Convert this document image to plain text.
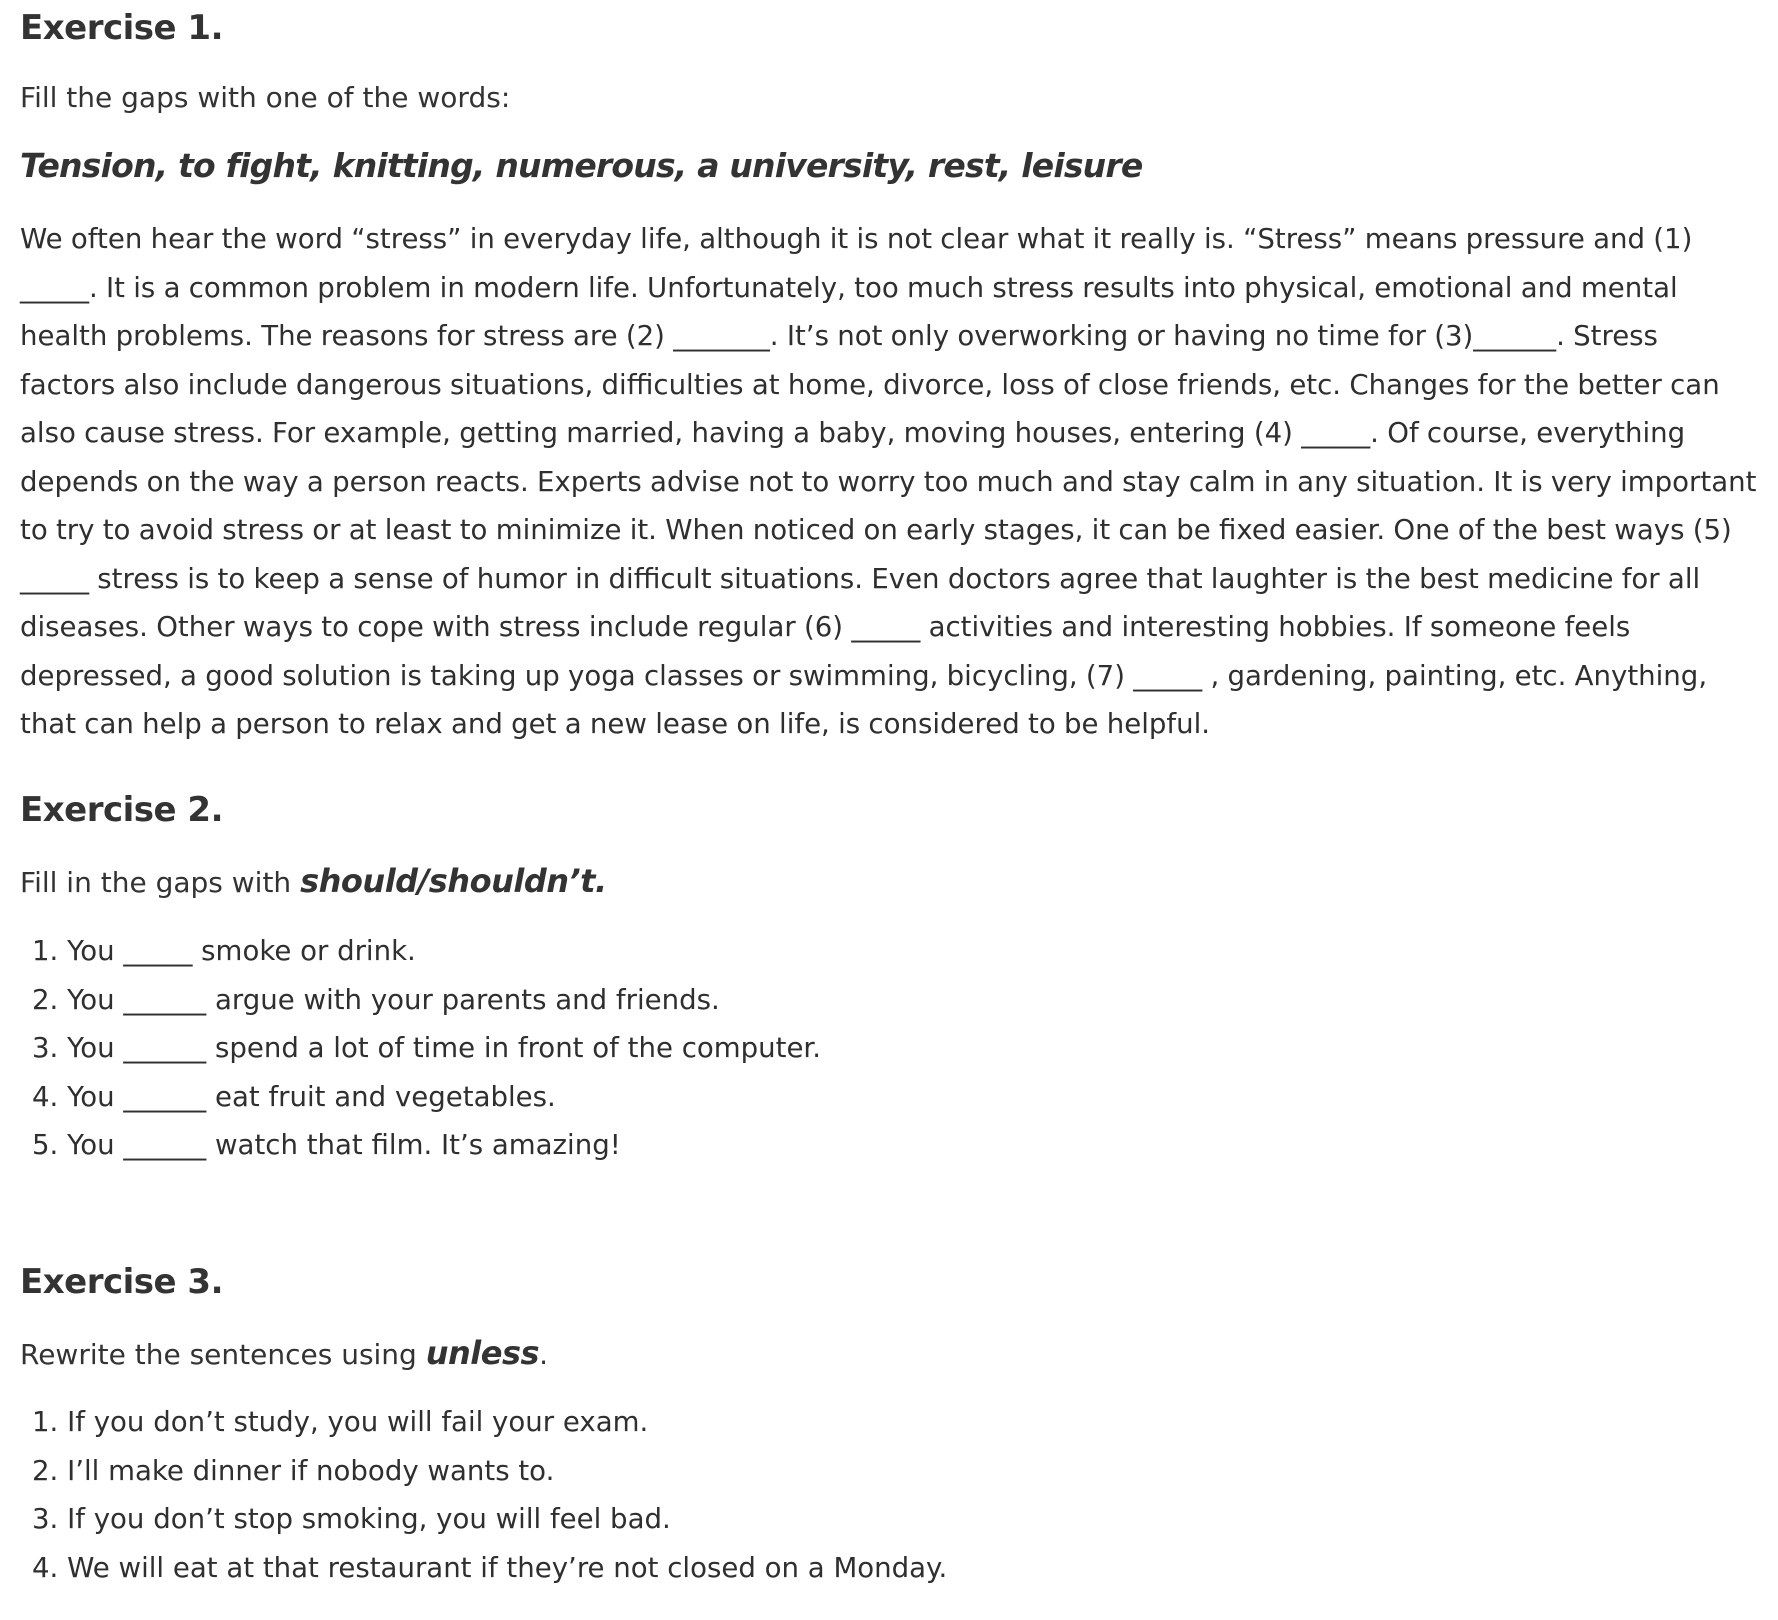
Exercise 1.

Fill the gaps with one of the words:

Tension, to fight, knitting, numerous, a university, rest, leisure

We often hear the word “stress” in everyday life, although it is not clear what it really is. “Stress” means pressure and (1) _____. It is a common problem in modern life. Unfortunately, too much stress results into physical, emotional and mental health problems. The reasons for stress are (2) _______. It’s not only overworking or having no time for (3)______. Stress factors also include dangerous situations, difficulties at home, divorce, loss of close friends, etc. Changes for the better can also cause stress. For example, getting married, having a baby, moving houses, entering (4) _____. Of course, everything depends on the way a person reacts. Experts advise not to worry too much and stay calm in any situation. It is very important to try to avoid stress or at least to minimize it. When noticed on early stages, it can be fixed easier. One of the best ways (5) _____ stress is to keep a sense of humor in difficult situations. Even doctors agree that laughter is the best medicine for all diseases. Other ways to cope with stress include regular (6) _____ activities and interesting hobbies. If someone feels depressed, a good solution is taking up yoga classes or swimming, bicycling, (7) _____ , gardening, painting, etc. Anything, that can help a person to relax and get a new lease on life, is considered to be helpful.

Exercise 2.

Fill in the gaps with should/shouldn’t.

1. You _____ smoke or drink.
2. You ______ argue with your parents and friends.
3. You ______ spend a lot of time in front of the computer.
4. You ______ eat fruit and vegetables.
5. You ______ watch that film. It’s amazing!
Exercise 3.

Rewrite the sentences using unless.

1. If you don’t study, you will fail your exam.
2. I’ll make dinner if nobody wants to.
3. If you don’t stop smoking, you will feel bad.
4. We will eat at that restaurant if they’re not closed on a Monday.
